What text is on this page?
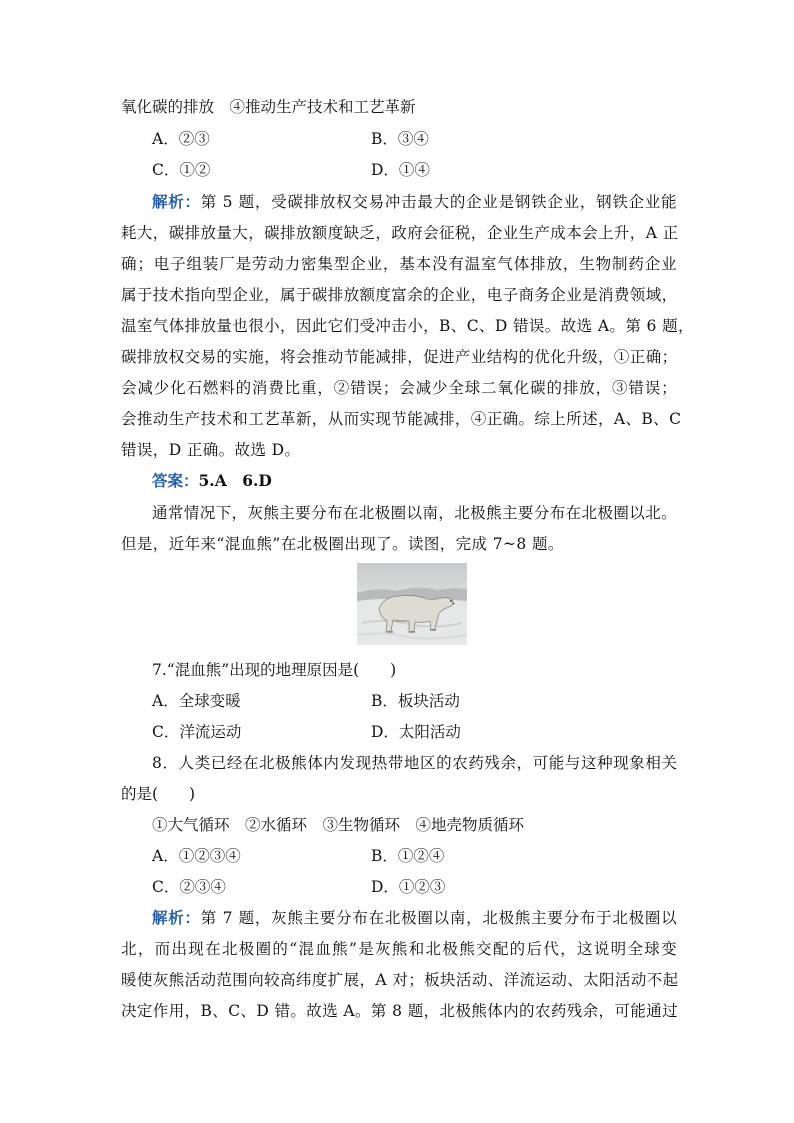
氧化碳的排放　④推动生产技术和工艺革新
A．②③	B．③④
C．①②	D．①④
解析：第 5 题，受碳排放权交易冲击最大的企业是钢铁企业，钢铁企业能
耗大，碳排放量大，碳排放额度缺乏，政府会征税，企业生产成本会上升，A 正
确；电子组装厂是劳动力密集型企业，基本没有温室气体排放，生物制药企业
属于技术指向型企业，属于碳排放额度富余的企业，电子商务企业是消费领域，
温室气体排放量也很小，因此它们受冲击小，B、C、D 错误。故选 A。第 6 题，
碳排放权交易的实施，将会推动节能减排，促进产业结构的优化升级，①正确；
会减少化石燃料的消费比重，②错误；会减少全球二氧化碳的排放，③错误；
会推动生产技术和工艺革新，从而实现节能减排，④正确。综上所述，A、B、C
错误，D 正确。故选 D。
答案：5.A　6.D
通常情况下，灰熊主要分布在北极圈以南，北极熊主要分布在北极圈以北。
但是，近年来“混血熊”在北极圈出现了。读图，完成 7~8 题。
7.“混血熊”出现的地理原因是(　　)
A．全球变暖	B．板块活动
C．洋流运动	D．太阳活动
8．人类已经在北极熊体内发现热带地区的农药残余，可能与这种现象相关
的是(　　)
①大气循环　②水循环　③生物循环　④地壳物质循环
A．①②③④	B．①②④
C．②③④	D．①②③
解析：第 7 题，灰熊主要分布在北极圈以南，北极熊主要分布于北极圈以
北，而出现在北极圈的“混血熊”是灰熊和北极熊交配的后代，这说明全球变
暖使灰熊活动范围向较高纬度扩展，A 对；板块活动、洋流运动、太阳活动不起
决定作用，B、C、D 错。故选 A。第 8 题，北极熊体内的农药残余，可能通过
